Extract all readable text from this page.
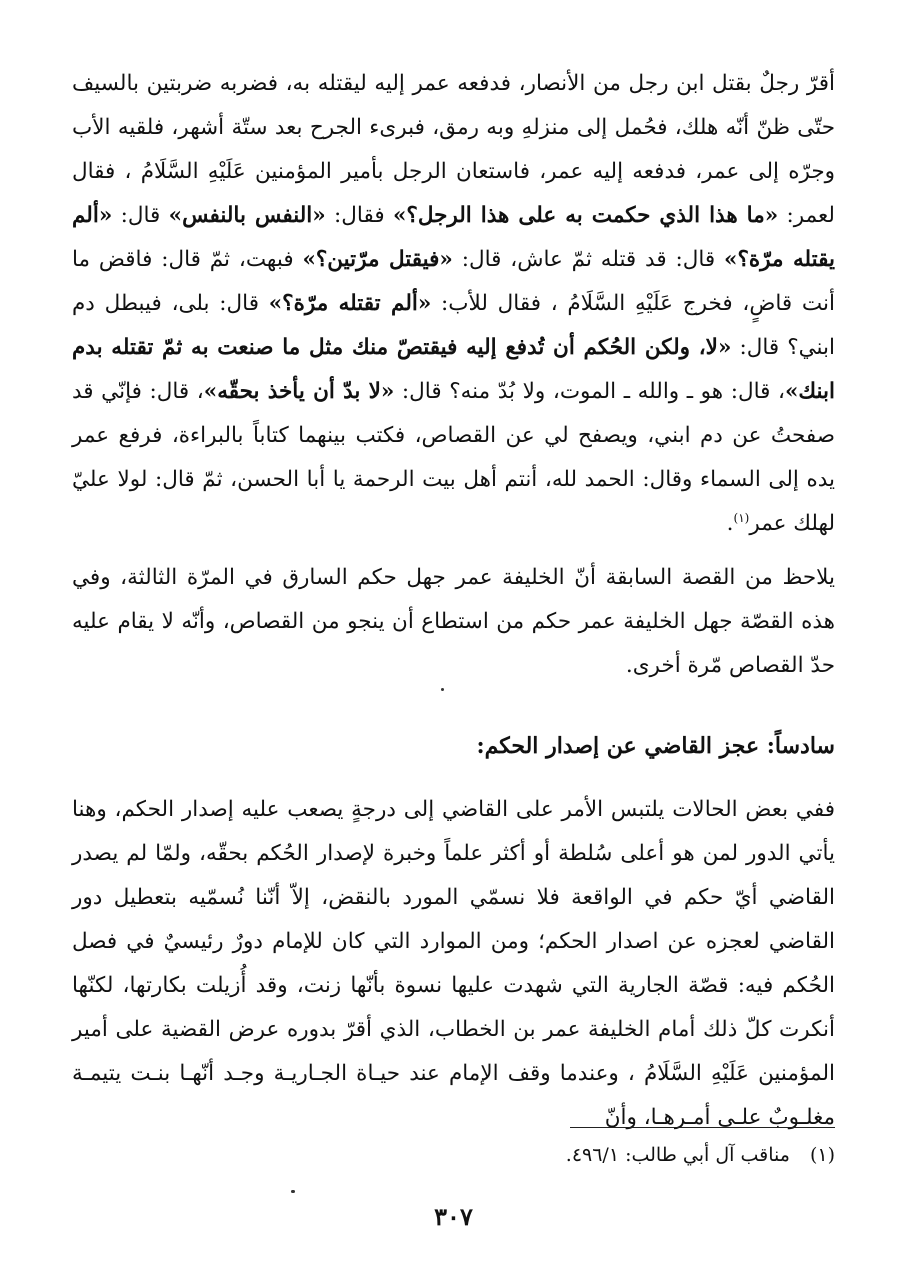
أقرّ رجلٌ بقتل ابن رجل من الأنصار، فدفعه عمر إليه ليقتله به، فضربه ضربتين بالسيف حتّى ظنّ أنّه هلك، فحُمل إلى منزلهِ وبه رمق، فبرىء الجرح بعد ستّة أشهر، فلقيه الأب وجرّه إلى عمر، فدفعه إليه عمر، فاستعان الرجل بأمير المؤمنين عَلَيْهِ السَّلَامُ ، فقال لعمر: «ما هذا الذي حكمت به على هذا الرجل؟» فقال: «النفس بالنفس» قال: «ألم يقتله مرّة؟» قال: قد قتله ثمّ عاش، قال: «فيقتل مرّتين؟» فبهت، ثمّ قال: فاقض ما أنت قاضٍ، فخرج عَلَيْهِ السَّلَامُ ، فقال للأب: «ألم تقتله مرّة؟» قال: بلى، فيبطل دم ابني؟ قال: «لا، ولكن الحُكم أن تُدفع إليه فيقتصّ منك مثل ما صنعت به ثمّ تقتله بدم ابنك»، قال: هو ـ والله ـ الموت، ولا بُدّ منه؟ قال: «لا بدّ أن يأخذ بحقّه»، قال: فإنّي قد صفحتُ عن دم ابني، ويصفح لي عن القصاص، فكتب بينهما كتاباً بالبراءة، فرفع عمر يده إلى السماء وقال: الحمد لله، أنتم أهل بيت الرحمة يا أبا الحسن، ثمّ قال: لولا عليّ لهلك عمر$^{(١)}$.

يلاحظ من القصة السابقة أنّ الخليفة عمر جهل حكم السارق في المرّة الثالثة، وفي هذه القصّة جهل الخليفة عمر حكم من استطاع أن ينجو من القصاص، وأنّه لا يقام عليه حدّ القصاص مّرة أخرى.

سادساً: عجز القاضي عن إصدار الحكم:

ففي بعض الحالات يلتبس الأمر على القاضي إلى درجةٍ يصعب عليه إصدار الحكم، وهنا يأتي الدور لمن هو أعلى سُلطة أو أكثر علماً وخبرة لإصدار الحُكم بحقّه، ولمّا لم يصدر القاضي أيّ حكم في الواقعة فلا نسمّي المورد بالنقض، إلاّ أنّنا نُسمّيه بتعطيل دور القاضي لعجزه عن اصدار الحكم؛ ومن الموارد التي كان للإمام دورٌ رئيسيٌ في فصل الحُكم فيه: قصّة الجارية التي شهدت عليها نسوة بأنّها زنت، وقد أُزيلت بكارتها، لكنّها أنكرت كلّ ذلك أمام الخليفة عمر بن الخطاب، الذي أقرّ بدوره عرض القضية على أمير المؤمنين عَلَيْهِ السَّلَامُ ، وعندما وقف الإمام عند حيـاة الجـاريـة وجـد أنّهـا بنـت يتيمـة مغلـوبٌ علـى أمـرهـا، وأنّ

(١) مناقب آل أبي طالب: ٤٩٦/١.
٣٠٧
